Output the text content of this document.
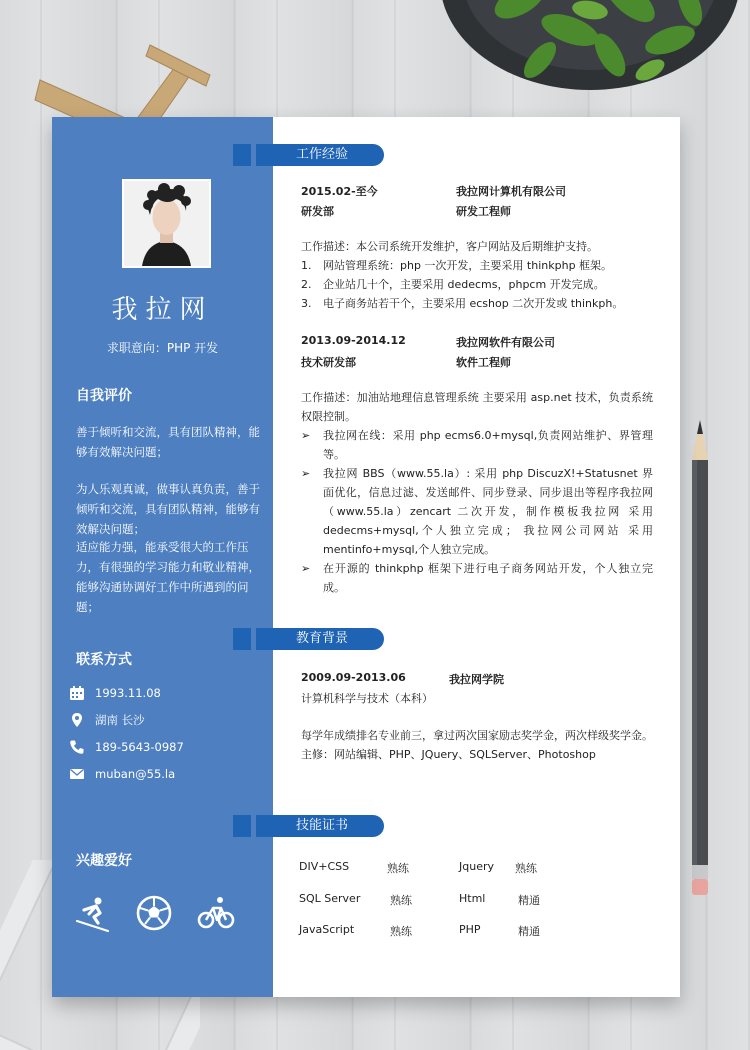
我拉网
求职意向：PHP 开发
自我评价
善于倾听和交流，具有团队精神，能够有效解决问题；
为人乐观真诚，做事认真负责，善于倾听和交流，具有团队精神，能够有效解决问题；
适应能力强，能承受很大的工作压力，有很强的学习能力和敬业精神，能够沟通协调好工作中所遇到的问题；
联系方式
1993.11.08
湖南 长沙
189-5643-0987
muban@55.la
兴趣爱好
工作经验
2015.02-至今	我拉网计算机有限公司
研发部	研发工程师
工作描述：本公司系统开发维护，客户网站及后期维护支持。
1. 网站管理系统：php 一次开发，主要采用 thinkphp 框架。
2. 企业站几十个，主要采用 dedecms，phpcm 开发完成。
3. 电子商务站若干个，主要采用 ecshop 二次开发或 thinkph。
2013.09-2014.12	我拉网软件有限公司
技术研发部	软件工程师
工作描述：加油站地理信息管理系统 主要采用 asp.net 技术，负责系统权限控制。
➢ 我拉网在线：采用 php ecms6.0+mysql,负责网站维护、界管理等。
➢ 我拉网 BBS（www.55.la）: 采用 php DiscuzX!+Statusnet 界面优化，信息过滤、发送邮件、同步登录、同步退出等程序我拉网（www.55.la）zencart 二次开发，制作模板我拉网 采用 dedecms+mysql,个人独立完成； 我拉网公司网站 采用 mentinfo+mysql,个人独立完成。
➢ 在开源的 thinkphp 框架下进行电子商务网站开发，个人独立完成。
教育背景
2009.09-2013.06	我拉网学院
计算机科学与技术（本科）
每学年成绩排名专业前三，拿过两次国家励志奖学金，两次样级奖学金。
主修：网站编辑、PHP、JQuery、SQLServer、Photoshop
技能证书
DIV+CSS	熟练	Jquery 熟练
SQL Server	熟练	Html	精通
JavaScript	熟练	PHP	精通
